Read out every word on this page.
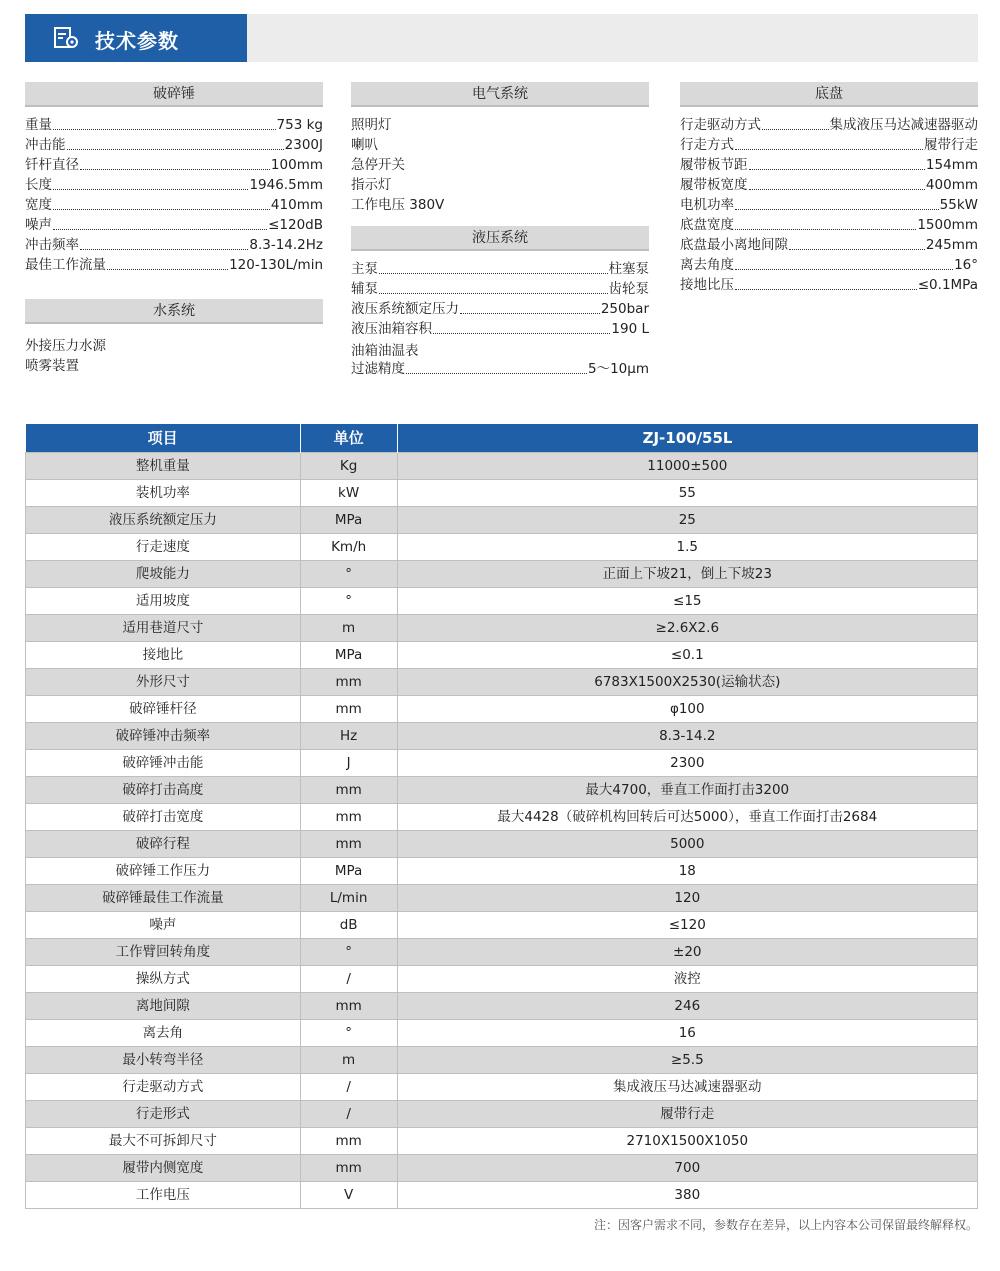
技术参数
破碎锤
重量	753 kg
冲击能	2300J
钎杆直径	100mm
长度	1946.5mm
宽度	410mm
噪声	≤120dB
冲击频率	8.3-14.2Hz
最佳工作流量	120-130L/min
水系统
外接压力水源
喷雾装置
电气系统
照明灯
喇叭
急停开关
指示灯
工作电压 380V
液压系统
主泵	柱塞泵
辅泵	齿轮泵
液压系统额定压力	250bar
液压油箱容积	190 L
油箱油温表
过滤精度	5～10μm
底盘
行走驱动方式	集成液压马达减速器驱动
行走方式	履带行走
履带板节距	154mm
履带板宽度	400mm
电机功率	55kW
底盘宽度	1500mm
底盘最小离地间隙	245mm
离去角度	16°
接地比压	≤0.1MPa
项目	单位	ZJ-100/55L
整机重量	Kg	11000±500
装机功率	kW	55
液压系统额定压力	MPa	25
行走速度	Km/h	1.5
爬坡能力	°	正面上下坡21，倒上下坡23
适用坡度	°	≤15
适用巷道尺寸	m	≥2.6X2.6
接地比	MPa	≤0.1
外形尺寸	mm	6783X1500X2530(运输状态)
破碎锤杆径	mm	φ100
破碎锤冲击频率	Hz	8.3-14.2
破碎锤冲击能	J	2300
破碎打击高度	mm	最大4700，垂直工作面打击3200
破碎打击宽度	mm	最大4428（破碎机构回转后可达5000），垂直工作面打击2684
破碎行程	mm	5000
破碎锤工作压力	MPa	18
破碎锤最佳工作流量	L/min	120
噪声	dB	≤120
工作臂回转角度	°	±20
操纵方式	/	液控
离地间隙	mm	246
离去角	°	16
最小转弯半径	m	≥5.5
行走驱动方式	/	集成液压马达减速器驱动
行走形式	/	履带行走
最大不可拆卸尺寸	mm	2710X1500X1050
履带内侧宽度	mm	700
工作电压	V	380
注：因客户需求不同，参数存在差异，以上内容本公司保留最终解释权。
